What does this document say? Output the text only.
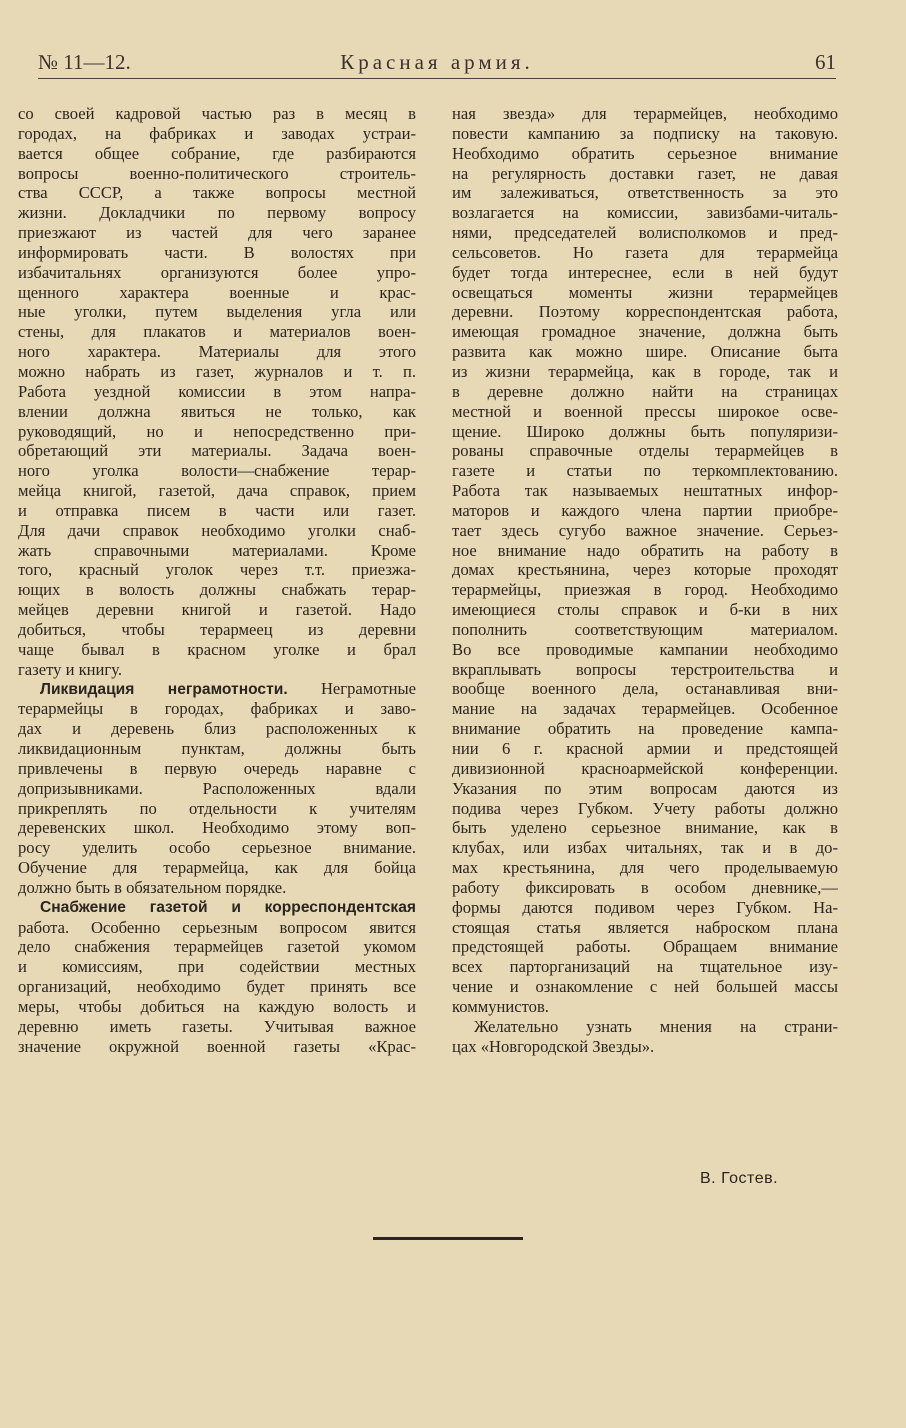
№ 11—12.	Красная армия.	61
со своей кадровой частью раз в месяц в
городах, на фабриках и заводах устраи-
вается общее собрание, где разбираются
вопросы военно-политического строитель-
ства СССР, а также вопросы местной
жизни. Докладчики по первому вопросу
приезжают из частей для чего заранее
информировать части. В волостях при
избачитальнях организуются более упро-
щенного характера военные и крас-
ные уголки, путем выделения угла или
стены, для плакатов и материалов воен-
ного характера. Материалы для этого
можно набрать из газет, журналов и т. п.
Работа уездной комиссии в этом напра-
влении должна явиться не только, как
руководящий, но и непосредственно при-
обретающий эти материалы. Задача воен-
ного уголка волости—снабжение терар-
мейца книгой, газетой, дача справок, прием
и отправка писем в части или газет.
Для дачи справок необходимо уголки снаб-
жать справочными материалами. Кроме
того, красный уголок через т.т. приезжа-
ющих в волость должны снабжать терар-
мейцев деревни книгой и газетой. Надо
добиться, чтобы терармеец из деревни
чаще бывал в красном уголке и брал
газету и книгу.
Ликвидация неграмотности. Неграмотные
терармейцы в городах, фабриках и заво-
дах и деревень близ расположенных к
ликвидационным пунктам, должны быть
привлечены в первую очередь наравне с
допризывниками. Расположенных вдали
прикреплять по отдельности к учителям
деревенских школ. Необходимо этому воп-
росу уделить особо серьезное внимание.
Обучение для терармейца, как для бойца
должно быть в обязательном порядке.
Снабжение газетой и корреспондентская
работа. Особенно серьезным вопросом явится
дело снабжения терармейцев газетой укомом
и комиссиям, при содействии местных
организаций, необходимо будет принять все
меры, чтобы добиться на каждую волость и
деревню иметь газеты. Учитывая важное
значение окружной военной газеты «Крас-
ная звезда» для терармейцев, необходимо
повести кампанию за подписку на таковую.
Необходимо обратить серьезное внимание
на регулярность доставки газет, не давая
им залеживаться, ответственность за это
возлагается на комиссии, завизбами-читаль-
нями, председателей волисполкомов и пред-
сельсоветов. Но газета для терармейца
будет тогда интереснее, если в ней будут
освещаться моменты жизни терармейцев
деревни. Поэтому корреспондентская работа,
имеющая громадное значение, должна быть
развита как можно шире. Описание быта
из жизни терармейца, как в городе, так и
в деревне должно найти на страницах
местной и военной прессы широкое осве-
щение. Широко должны быть популяризи-
рованы справочные отделы терармейцев в
газете и статьи по теркомплектованию.
Работа так называемых нештатных инфор-
маторов и каждого члена партии приобре-
тает здесь сугубо важное значение. Серьез-
ное внимание надо обратить на работу в
домах крестьянина, через которые проходят
терармейцы, приезжая в город. Необходимо
имеющиеся столы справок и б-ки в них
пополнить соответствующим материалом.
Во все проводимые кампании необходимо
вкраплывать вопросы терстроительства и
вообще военного дела, останавливая вни-
мание на задачах терармейцев. Особенное
внимание обратить на проведение кампа-
нии 6 г. красной армии и предстоящей
дивизионной красноармейской конференции.
Указания по этим вопросам даются из
подива через Губком. Учету работы должно
быть уделено серьезное внимание, как в
клубах, или избах читальнях, так и в до-
мах крестьянина, для чего проделываемую
работу фиксировать в особом дневнике,—
формы даются подивом через Губком. На-
стоящая статья является наброском плана
предстоящей работы. Обращаем внимание
всех парторганизаций на тщательное изу-
чение и ознакомление с ней большей массы
коммунистов.
Желательно узнать мнения на страни-
цах «Новгородской Звезды».
В. Гостев.
